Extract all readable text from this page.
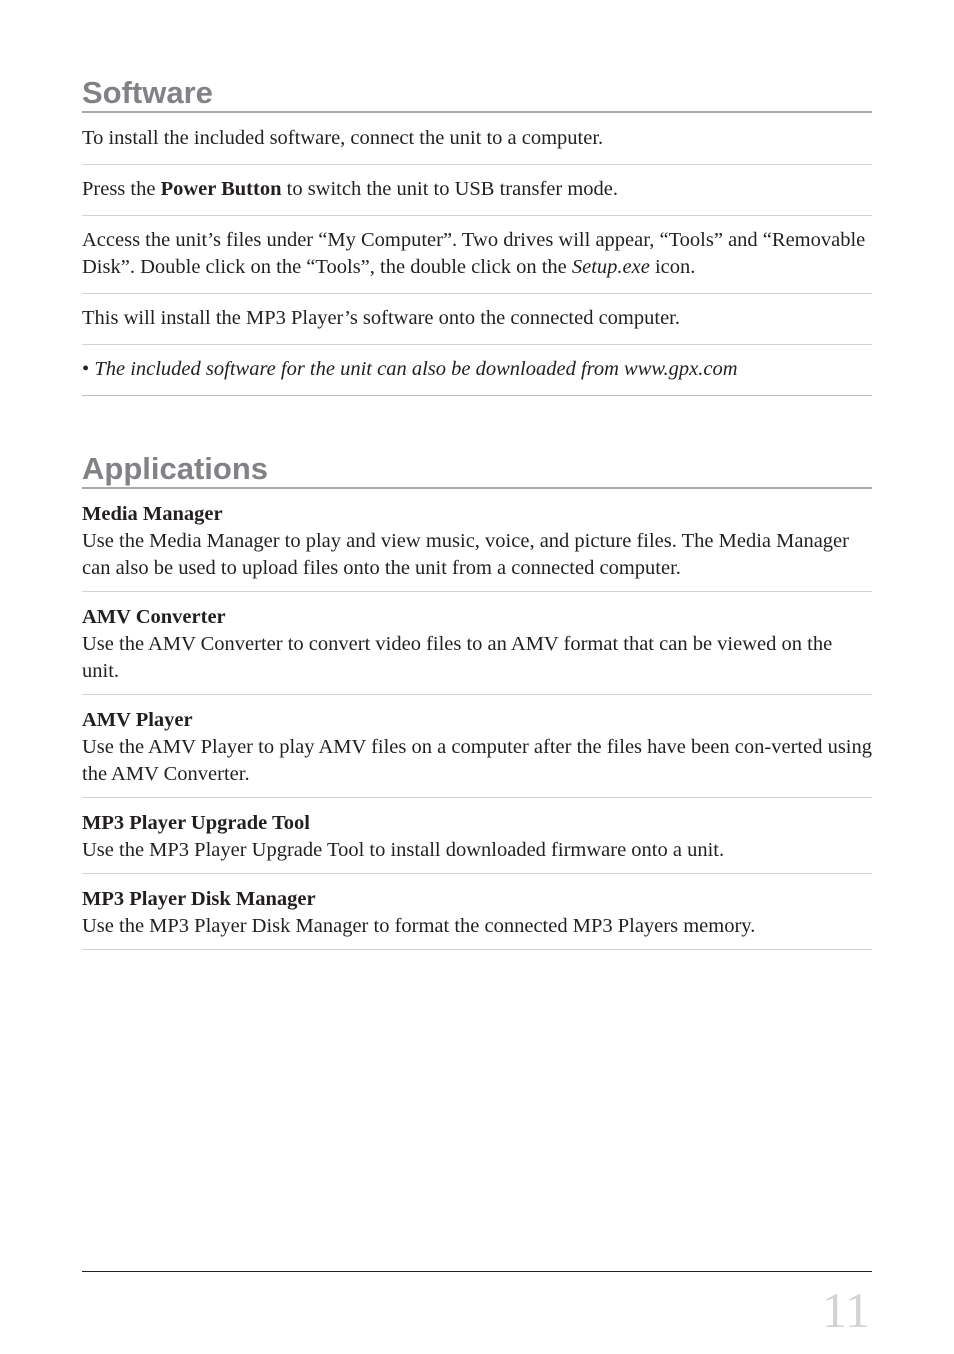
Software
To install the included software, connect the unit to a computer.
Press the Power Button to switch the unit to USB transfer mode.
Access the unit’s files under “My Computer”. Two drives will appear, “Tools” and “Removable Disk”. Double click on the “Tools”, the double click on the Setup.exe icon.
This will install the MP3 Player’s software onto the connected computer.
• The included software for the unit can also be downloaded from www.gpx.com
Applications
Media Manager
Use the Media Manager to play and view music, voice, and picture files. The Media Manager can also be used to upload files onto the unit from a connected computer.
AMV Converter
Use the AMV Converter to convert video files to an AMV format that can be viewed on the unit.
AMV Player
Use the AMV Player to play AMV files on a computer after the files have been con-verted using the AMV Converter.
MP3 Player Upgrade Tool
Use the MP3 Player Upgrade Tool to install downloaded firmware onto a unit.
MP3 Player Disk Manager
Use the MP3 Player Disk Manager to format the connected MP3 Players memory.
11
